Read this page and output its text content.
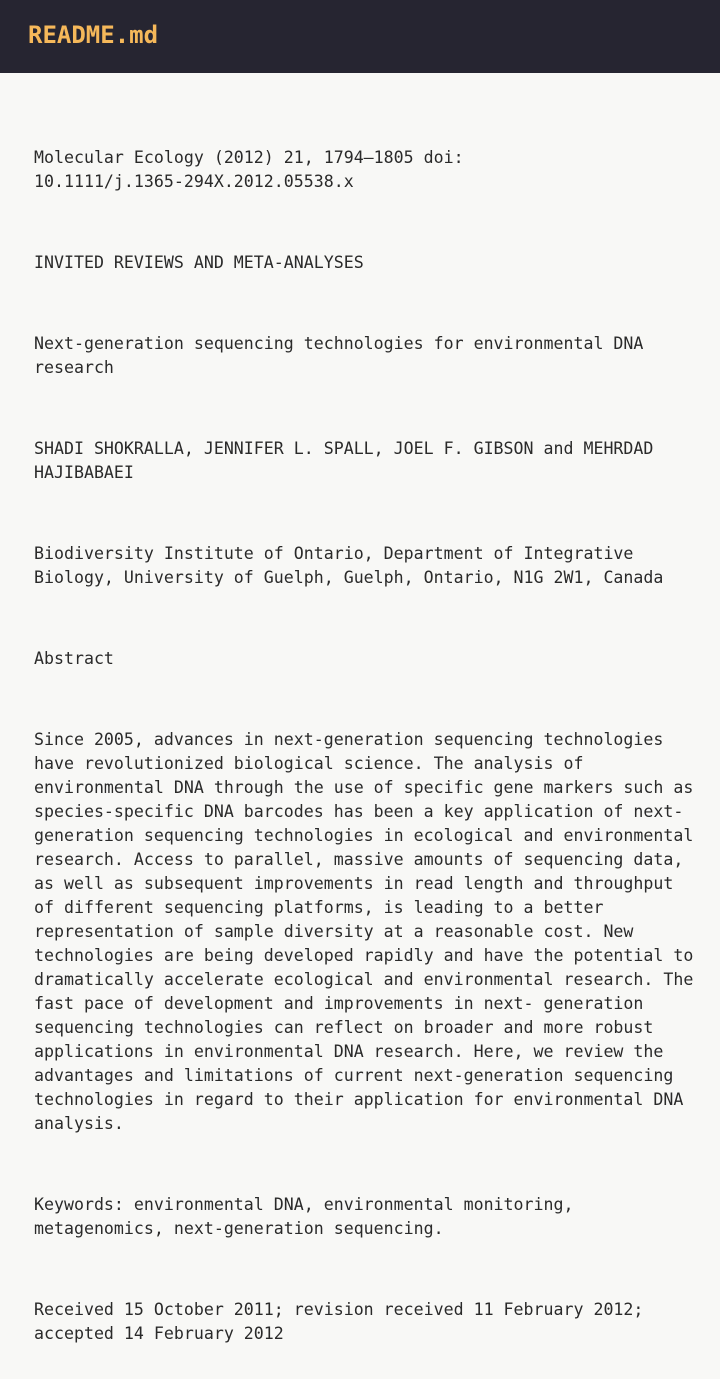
README.md

Molecular Ecology (2012) 21, 1794–1805 doi:
10.1111/j.1365-294X.2012.05538.x

INVITED REVIEWS AND META-ANALYSES

Next-generation sequencing technologies for environmental DNA
research

SHADI SHOKRALLA, JENNIFER L. SPALL, JOEL F. GIBSON and MEHRDAD
HAJIBABAEI

Biodiversity Institute of Ontario, Department of Integrative
Biology, University of Guelph, Guelph, Ontario, N1G 2W1, Canada

Abstract

Since 2005, advances in next-generation sequencing technologies
have revolutionized biological science. The analysis of
environmental DNA through the use of specific gene markers such as
species-specific DNA barcodes has been a key application of next-
generation sequencing technologies in ecological and environmental
research. Access to parallel, massive amounts of sequencing data,
as well as subsequent improvements in read length and throughput
of different sequencing platforms, is leading to a better
representation of sample diversity at a reasonable cost. New
technologies are being developed rapidly and have the potential to
dramatically accelerate ecological and environmental research. The
fast pace of development and improvements in next- generation
sequencing technologies can reflect on broader and more robust
applications in environmental DNA research. Here, we review the
advantages and limitations of current next-generation sequencing
technologies in regard to their application for environmental DNA
analysis.

Keywords: environmental DNA, environmental monitoring,
metagenomics, next-generation sequencing.

Received 15 October 2011; revision received 11 February 2012;
accepted 14 February 2012
